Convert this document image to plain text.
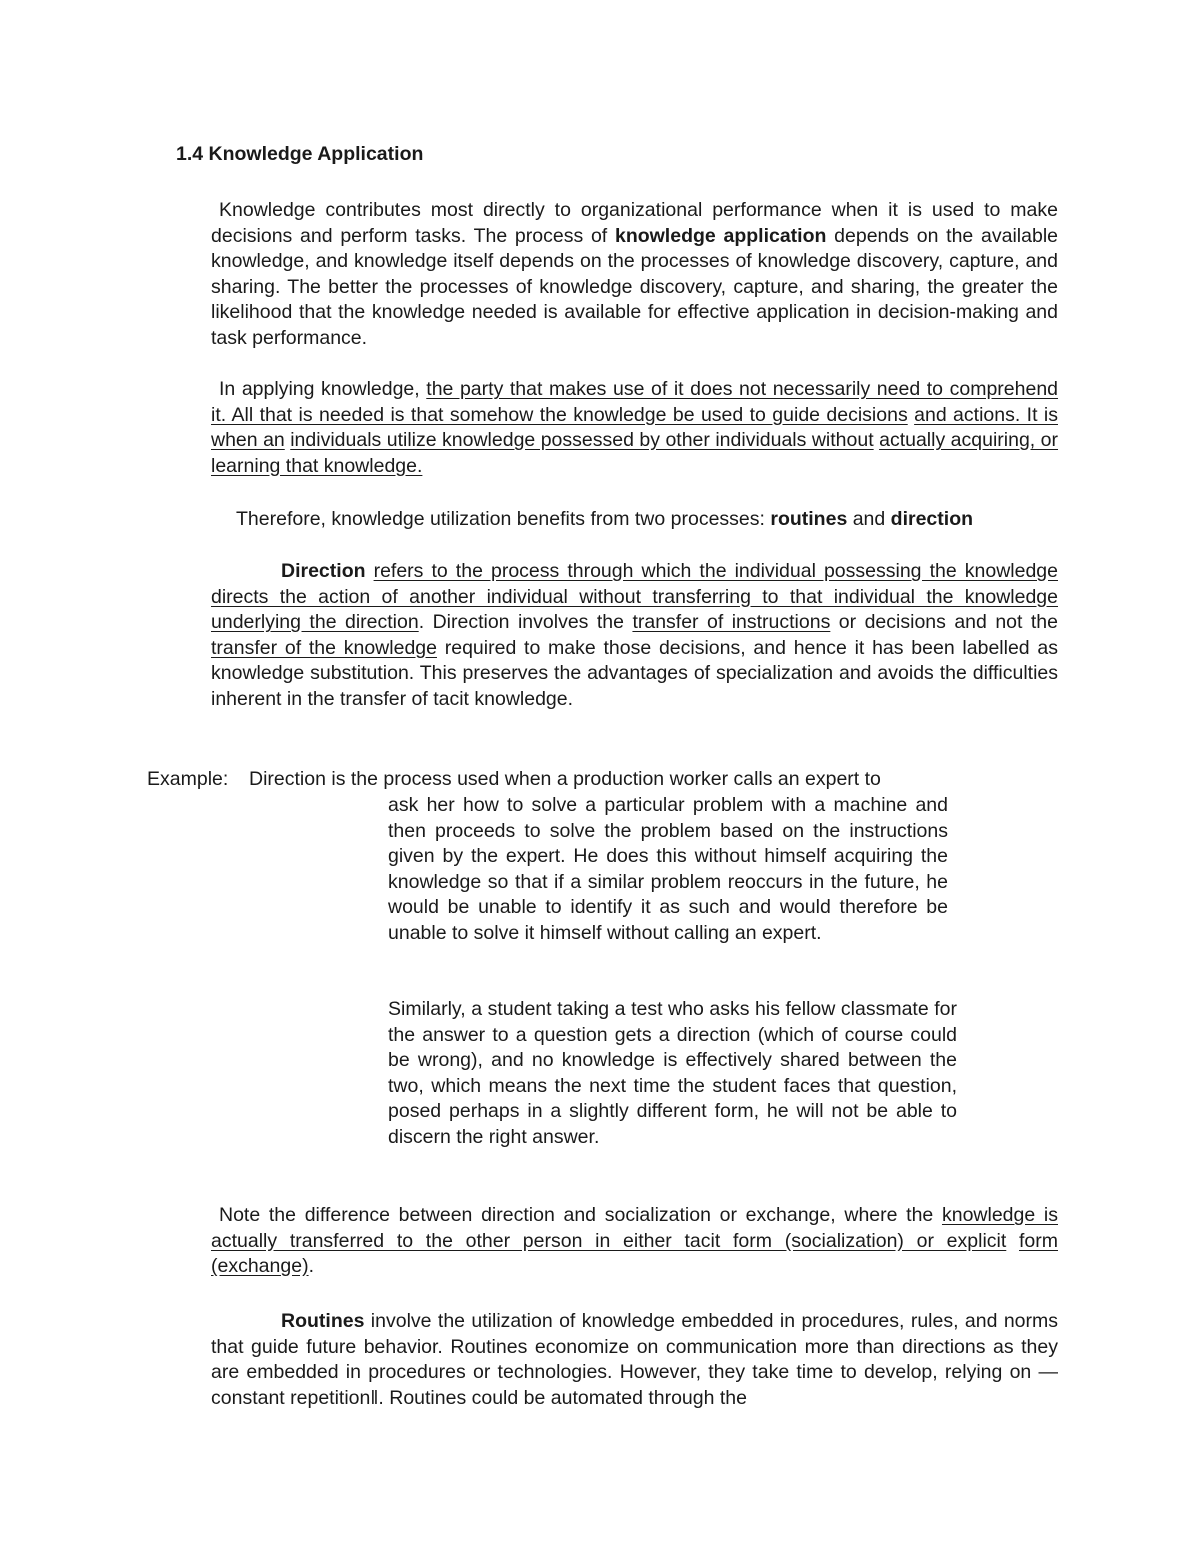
1.4 Knowledge Application

Knowledge contributes most directly to organizational performance when it is used to make decisions and perform tasks. The process of knowledge application depends on the available knowledge, and knowledge itself depends on the processes of knowledge discovery, capture, and sharing. The better the processes of knowledge discovery, capture, and sharing, the greater the likelihood that the knowledge needed is available for effective application in decision-making and task performance.

In applying knowledge, the party that makes use of it does not necessarily need to comprehend it. All that is needed is that somehow the knowledge be used to guide decisions and actions. It is when an individuals utilize knowledge possessed by other individuals without actually acquiring, or learning that knowledge.

Therefore, knowledge utilization benefits from two processes: routines and direction

Direction refers to the process through which the individual possessing the knowledge directs the action of another individual without transferring to that individual the knowledge underlying the direction. Direction involves the transfer of instructions or decisions and not the transfer of the knowledge required to make those decisions, and hence it has been labelled as knowledge substitution. This preserves the advantages of specialization and avoids the difficulties inherent in the transfer of tacit knowledge.

Example: Direction is the process used when a production worker calls an expert to

ask her how to solve a particular problem with a machine and then proceeds to solve the problem based on the instructions given by the expert. He does this without himself acquiring the knowledge so that if a similar problem reoccurs in the future, he would be unable to identify it as such and would therefore be unable to solve it himself without calling an expert.

Similarly, a student taking a test who asks his fellow classmate for the answer to a question gets a direction (which of course could be wrong), and no knowledge is effectively shared between the two, which means the next time the student faces that question, posed perhaps in a slightly different form, he will not be able to discern the right answer.

Note the difference between direction and socialization or exchange, where the knowledge is actually transferred to the other person in either tacit form (socialization) or explicit form (exchange).

Routines involve the utilization of knowledge embedded in procedures, rules, and norms that guide future behavior. Routines economize on communication more than directions as they are embedded in procedures or technologies. However, they take time to develop, relying on —constant repetition‖. Routines could be automated through the
